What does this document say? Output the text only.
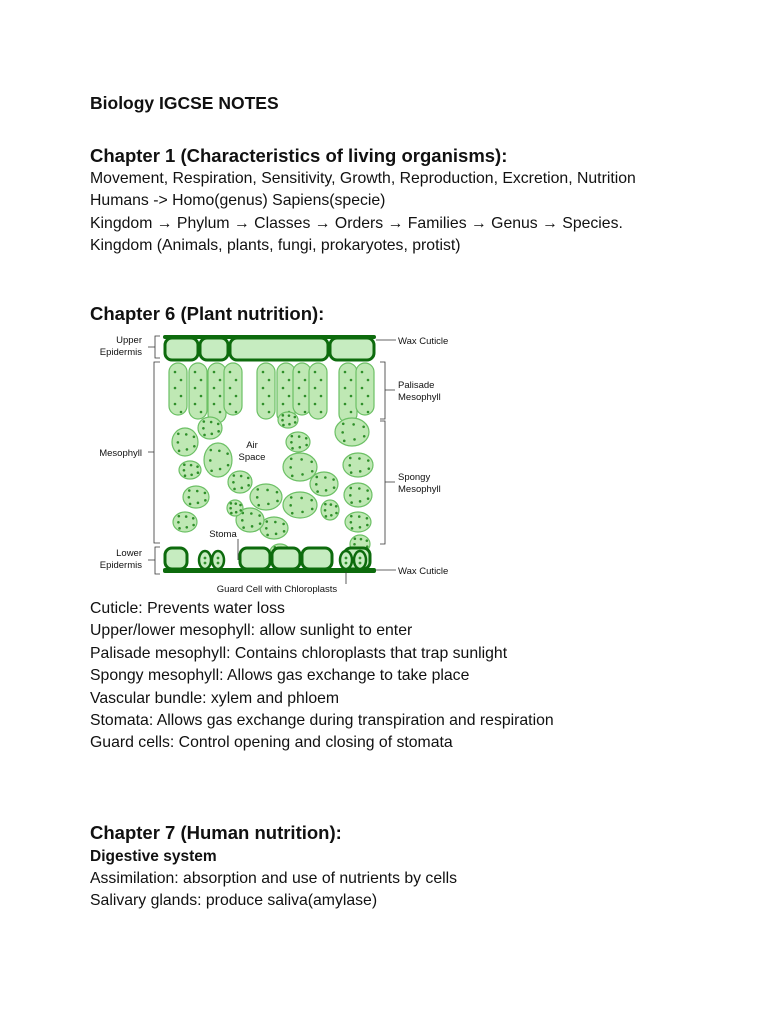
Biology IGCSE NOTES
Chapter 1 (Characteristics of living organisms):
Movement, Respiration, Sensitivity, Growth, Reproduction, Excretion, Nutrition
Humans -> Homo(genus) Sapiens(specie)
Kingdom → Phylum → Classes → Orders → Families → Genus → Species.
Kingdom (Animals, plants, fungi, prokaryotes, protist)
Chapter 6 (Plant nutrition):
Upper
Epidermis
Mesophyll
Lower
Epidermis
Wax Cuticle
Palisade
Mesophyll
Spongy
Mesophyll
Wax Cuticle
Air
Space
Stoma
Guard Cell with Chloroplasts
Cuticle: Prevents water loss
Upper/lower mesophyll: allow sunlight to enter
Palisade mesophyll: Contains chloroplasts that trap sunlight
Spongy mesophyll: Allows gas exchange to take place
Vascular bundle: xylem and phloem
Stomata: Allows gas exchange during transpiration and respiration
Guard cells: Control opening and closing of stomata
Chapter 7 (Human nutrition):
Digestive system
Assimilation: absorption and use of nutrients by cells
Salivary glands: produce saliva(amylase)
